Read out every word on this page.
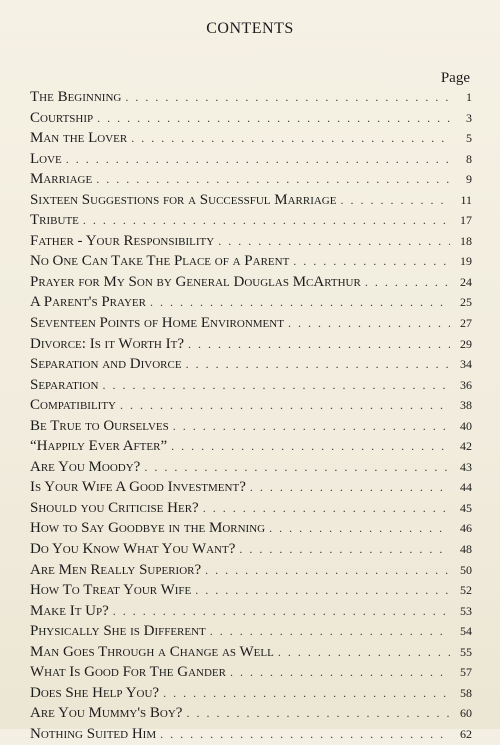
CONTENTS
Page
The Beginning . . .	1
Courtship . . .	3
Man the Lover . . .	5
Love . . .	8
Marriage . . .	9
Sixteen Suggestions for a Successful Marriage . . .	11
Tribute . . .	17
Father - Your Responsibility . . .	18
No One Can Take The Place of a Parent . . .	19
Prayer for My Son by General Douglas McArthur . . .	24
A Parent's Prayer . . .	25
Seventeen Points of Home Environment . . .	27
Divorce: Is it Worth It? . . .	29
Separation and Divorce . . .	34
Separation . . .	36
Compatibility . . .	38
Be True to Ourselves . . .	40
“Happily Ever After” . . .	42
Are You Moody? . . .	43
Is Your Wife A Good Investment? . . .	44
Should you Criticise Her? . . .	45
How to Say Goodbye in the Morning . . .	46
Do You Know What You Want? . . .	48
Are Men Really Superior? . . .	50
How To Treat Your Wife . . .	52
Make It Up? . . .	53
Physically She is Different . . .	54
Man Goes Through a Change as Well . . .	55
What Is Good For The Gander . . .	57
Does She Help You? . . .	58
Are You Mummy's Boy? . . .	60
Nothing Suited Him . . .	62
